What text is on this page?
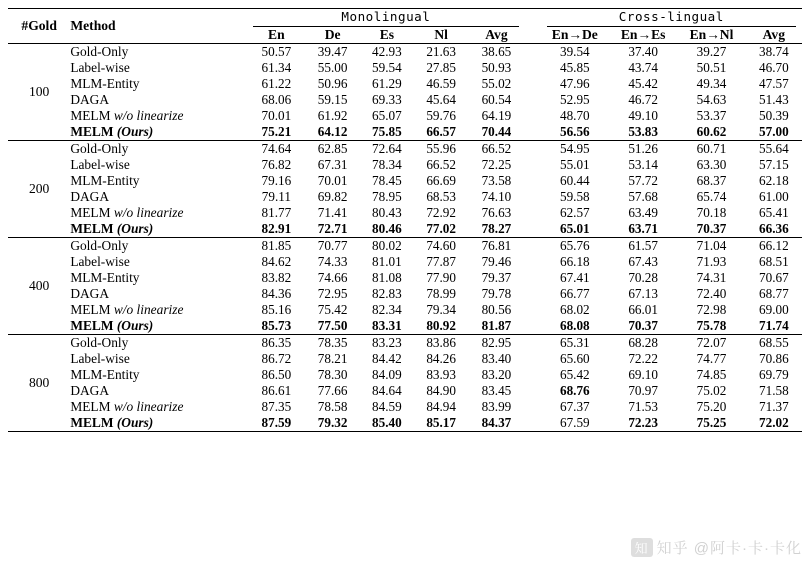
#Gold	Method	Monolingual						Cross-lingual			

		En	De	Es	Nl	Avg		En→De	En→Es	En→Nl	Avg
100	Gold-Only	50.57	39.47	42.93	21.63	38.65		39.54	37.40	39.27	38.74
	Label-wise	61.34	55.00	59.54	27.85	50.93		45.85	43.74	50.51	46.70
	MLM-Entity	61.22	50.96	61.29	46.59	55.02		47.96	45.42	49.34	47.57
	DAGA	68.06	59.15	69.33	45.64	60.54		52.95	46.72	54.63	51.43
	MELM w/o linearize	70.01	61.92	65.07	59.76	64.19		48.70	49.10	53.37	50.39
	MELM (Ours)	75.21	64.12	75.85	66.57	70.44		56.56	53.83	60.62	57.00
200	Gold-Only	74.64	62.85	72.64	55.96	66.52		54.95	51.26	60.71	55.64
	Label-wise	76.82	67.31	78.34	66.52	72.25		55.01	53.14	63.30	57.15
	MLM-Entity	79.16	70.01	78.45	66.69	73.58		60.44	57.72	68.37	62.18
	DAGA	79.11	69.82	78.95	68.53	74.10		59.58	57.68	65.74	61.00
	MELM w/o linearize	81.77	71.41	80.43	72.92	76.63		62.57	63.49	70.18	65.41
	MELM (Ours)	82.91	72.71	80.46	77.02	78.27		65.01	63.71	70.37	66.36
400	Gold-Only	81.85	70.77	80.02	74.60	76.81		65.76	61.57	71.04	66.12
	Label-wise	84.62	74.33	81.01	77.87	79.46		66.18	67.43	71.93	68.51
	MLM-Entity	83.82	74.66	81.08	77.90	79.37		67.41	70.28	74.31	70.67
	DAGA	84.36	72.95	82.83	78.99	79.78		66.77	67.13	72.40	68.77
	MELM w/o linearize	85.16	75.42	82.34	79.34	80.56		68.02	66.01	72.98	69.00
	MELM (Ours)	85.73	77.50	83.31	80.92	81.87		68.08	70.37	75.78	71.74
800	Gold-Only	86.35	78.35	83.23	83.86	82.95		65.31	68.28	72.07	68.55
	Label-wise	86.72	78.21	84.42	84.26	83.40		65.60	72.22	74.77	70.86
	MLM-Entity	86.50	78.30	84.09	83.93	83.20		65.42	69.10	74.85	69.79
	DAGA	86.61	77.66	84.64	84.90	83.45		68.76	70.97	75.02	71.58
	MELM w/o linearize	87.35	78.58	84.59	84.94	83.99		67.37	71.53	75.20	71.37
	MELM (Ours)	87.59	79.32	85.40	85.17	84.37		67.59	72.23	75.25	72.02

知 知乎 @阿卡·卡·卡化
